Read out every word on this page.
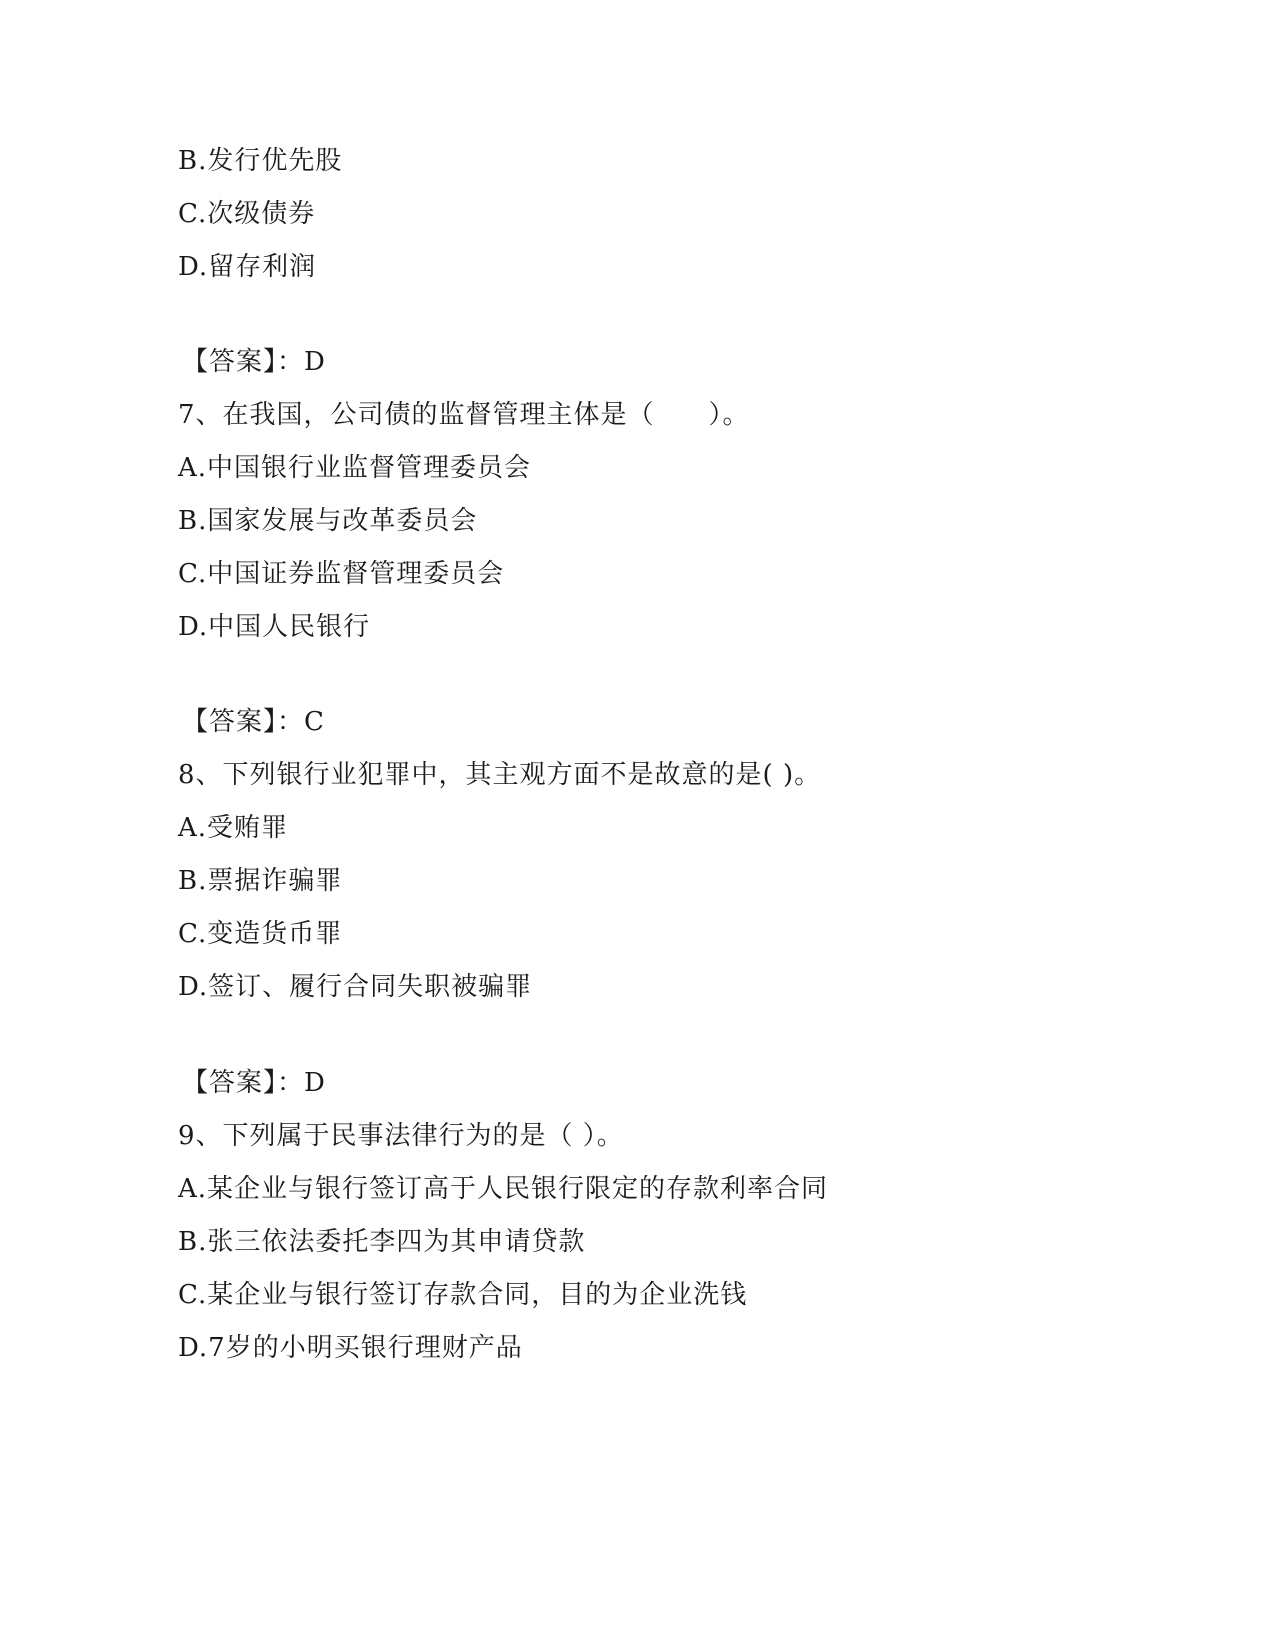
B.发行优先股
C.次级债券
D.留存利润
【答案】：D
7、在我国，公司债的监督管理主体是（　　）。
A.中国银行业监督管理委员会
B.国家发展与改革委员会
C.中国证券监督管理委员会
D.中国人民银行
【答案】：C
8、下列银行业犯罪中，其主观方面不是故意的是( )。
A.受贿罪
B.票据诈骗罪
C.变造货币罪
D.签订、履行合同失职被骗罪
【答案】：D
9、下列属于民事法律行为的是（ ）。
A.某企业与银行签订高于人民银行限定的存款利率合同
B.张三依法委托李四为其申请贷款
C.某企业与银行签订存款合同，目的为企业洗钱
D.7岁的小明买银行理财产品
